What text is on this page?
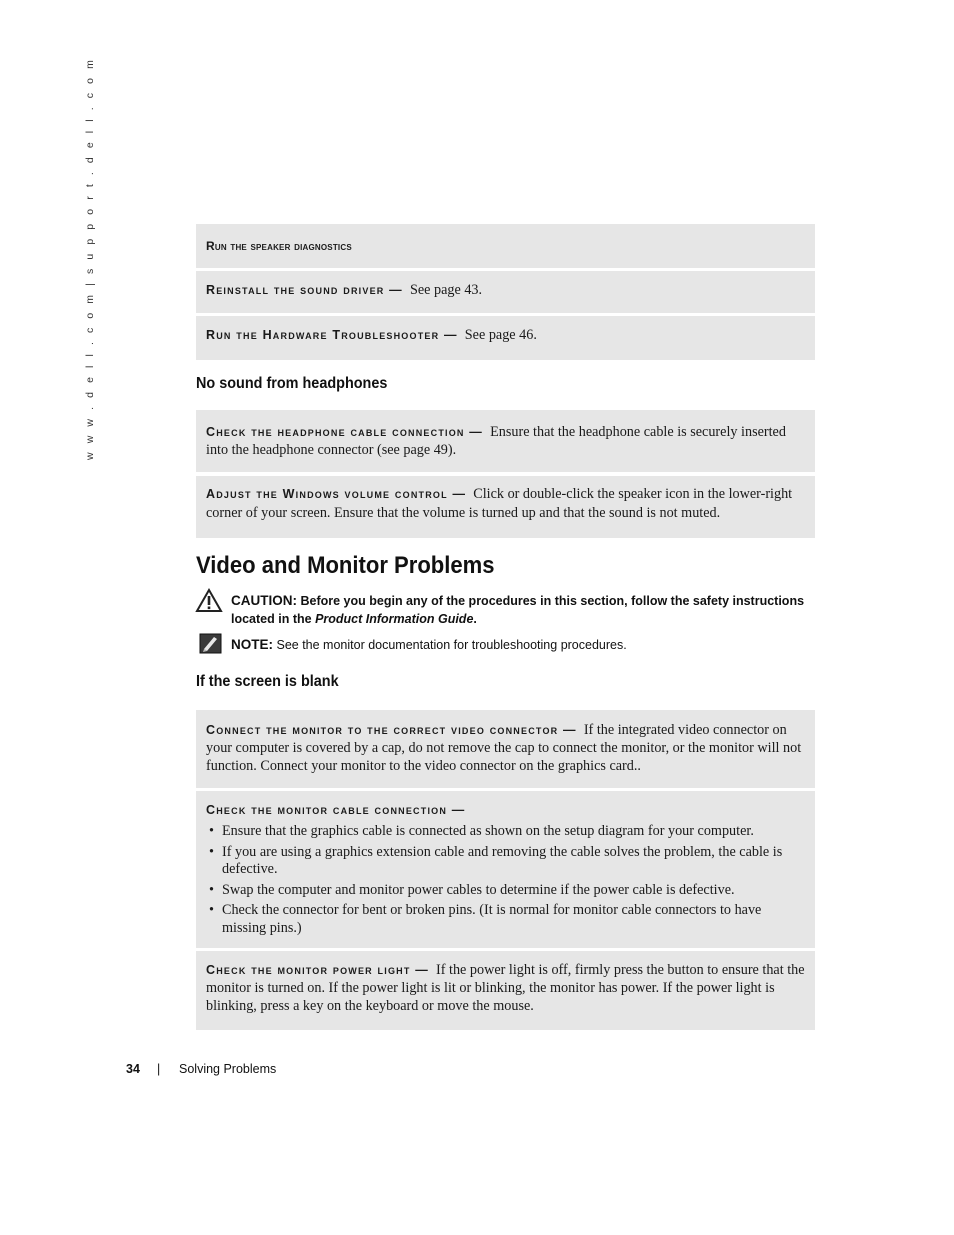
w w w . d e l l . c o m | s u p p o r t . d e l l . c o m	Run the speaker diagnostics

Reinstall the sound driver — See page 43.

Run the Hardware Troubleshooter — See page 46.

No sound from headphones

Check the headphone cable connection — Ensure that the headphone cable is securely inserted into the headphone connector (see page 49).

Adjust the Windows volume control — Click or double-click the speaker icon in the lower-right corner of your screen. Ensure that the volume is turned up and that the sound is not muted.

Video and Monitor Problems
CAUTION: Before you begin any of the procedures in this section, follow the safety instructions located in the Product Information Guide.
NOTE: See the monitor documentation for troubleshooting procedures.
If the screen is blank

Connect the monitor to the correct video connector — If the integrated video connector on your computer is covered by a cap, do not remove the cap to connect the monitor, or the monitor will not function. Connect your monitor to the video connector on the graphics card..

Check the monitor cable connection —

• Ensure that the graphics cable is connected as shown on the setup diagram for your computer.
• If you are using a graphics extension cable and removing the cable solves the problem, the cable is defective.
• Swap the computer and monitor power cables to determine if the power cable is defective.
• Check the connector for bent or broken pins. (It is normal for monitor cable connectors to have missing pins.)

Check the monitor power light — If the power light is off, firmly press the button to ensure that the monitor is turned on. If the power light is lit or blinking, the monitor has power. If the power light is blinking, press a key on the keyboard or move the mouse.

34 | Solving Problems
